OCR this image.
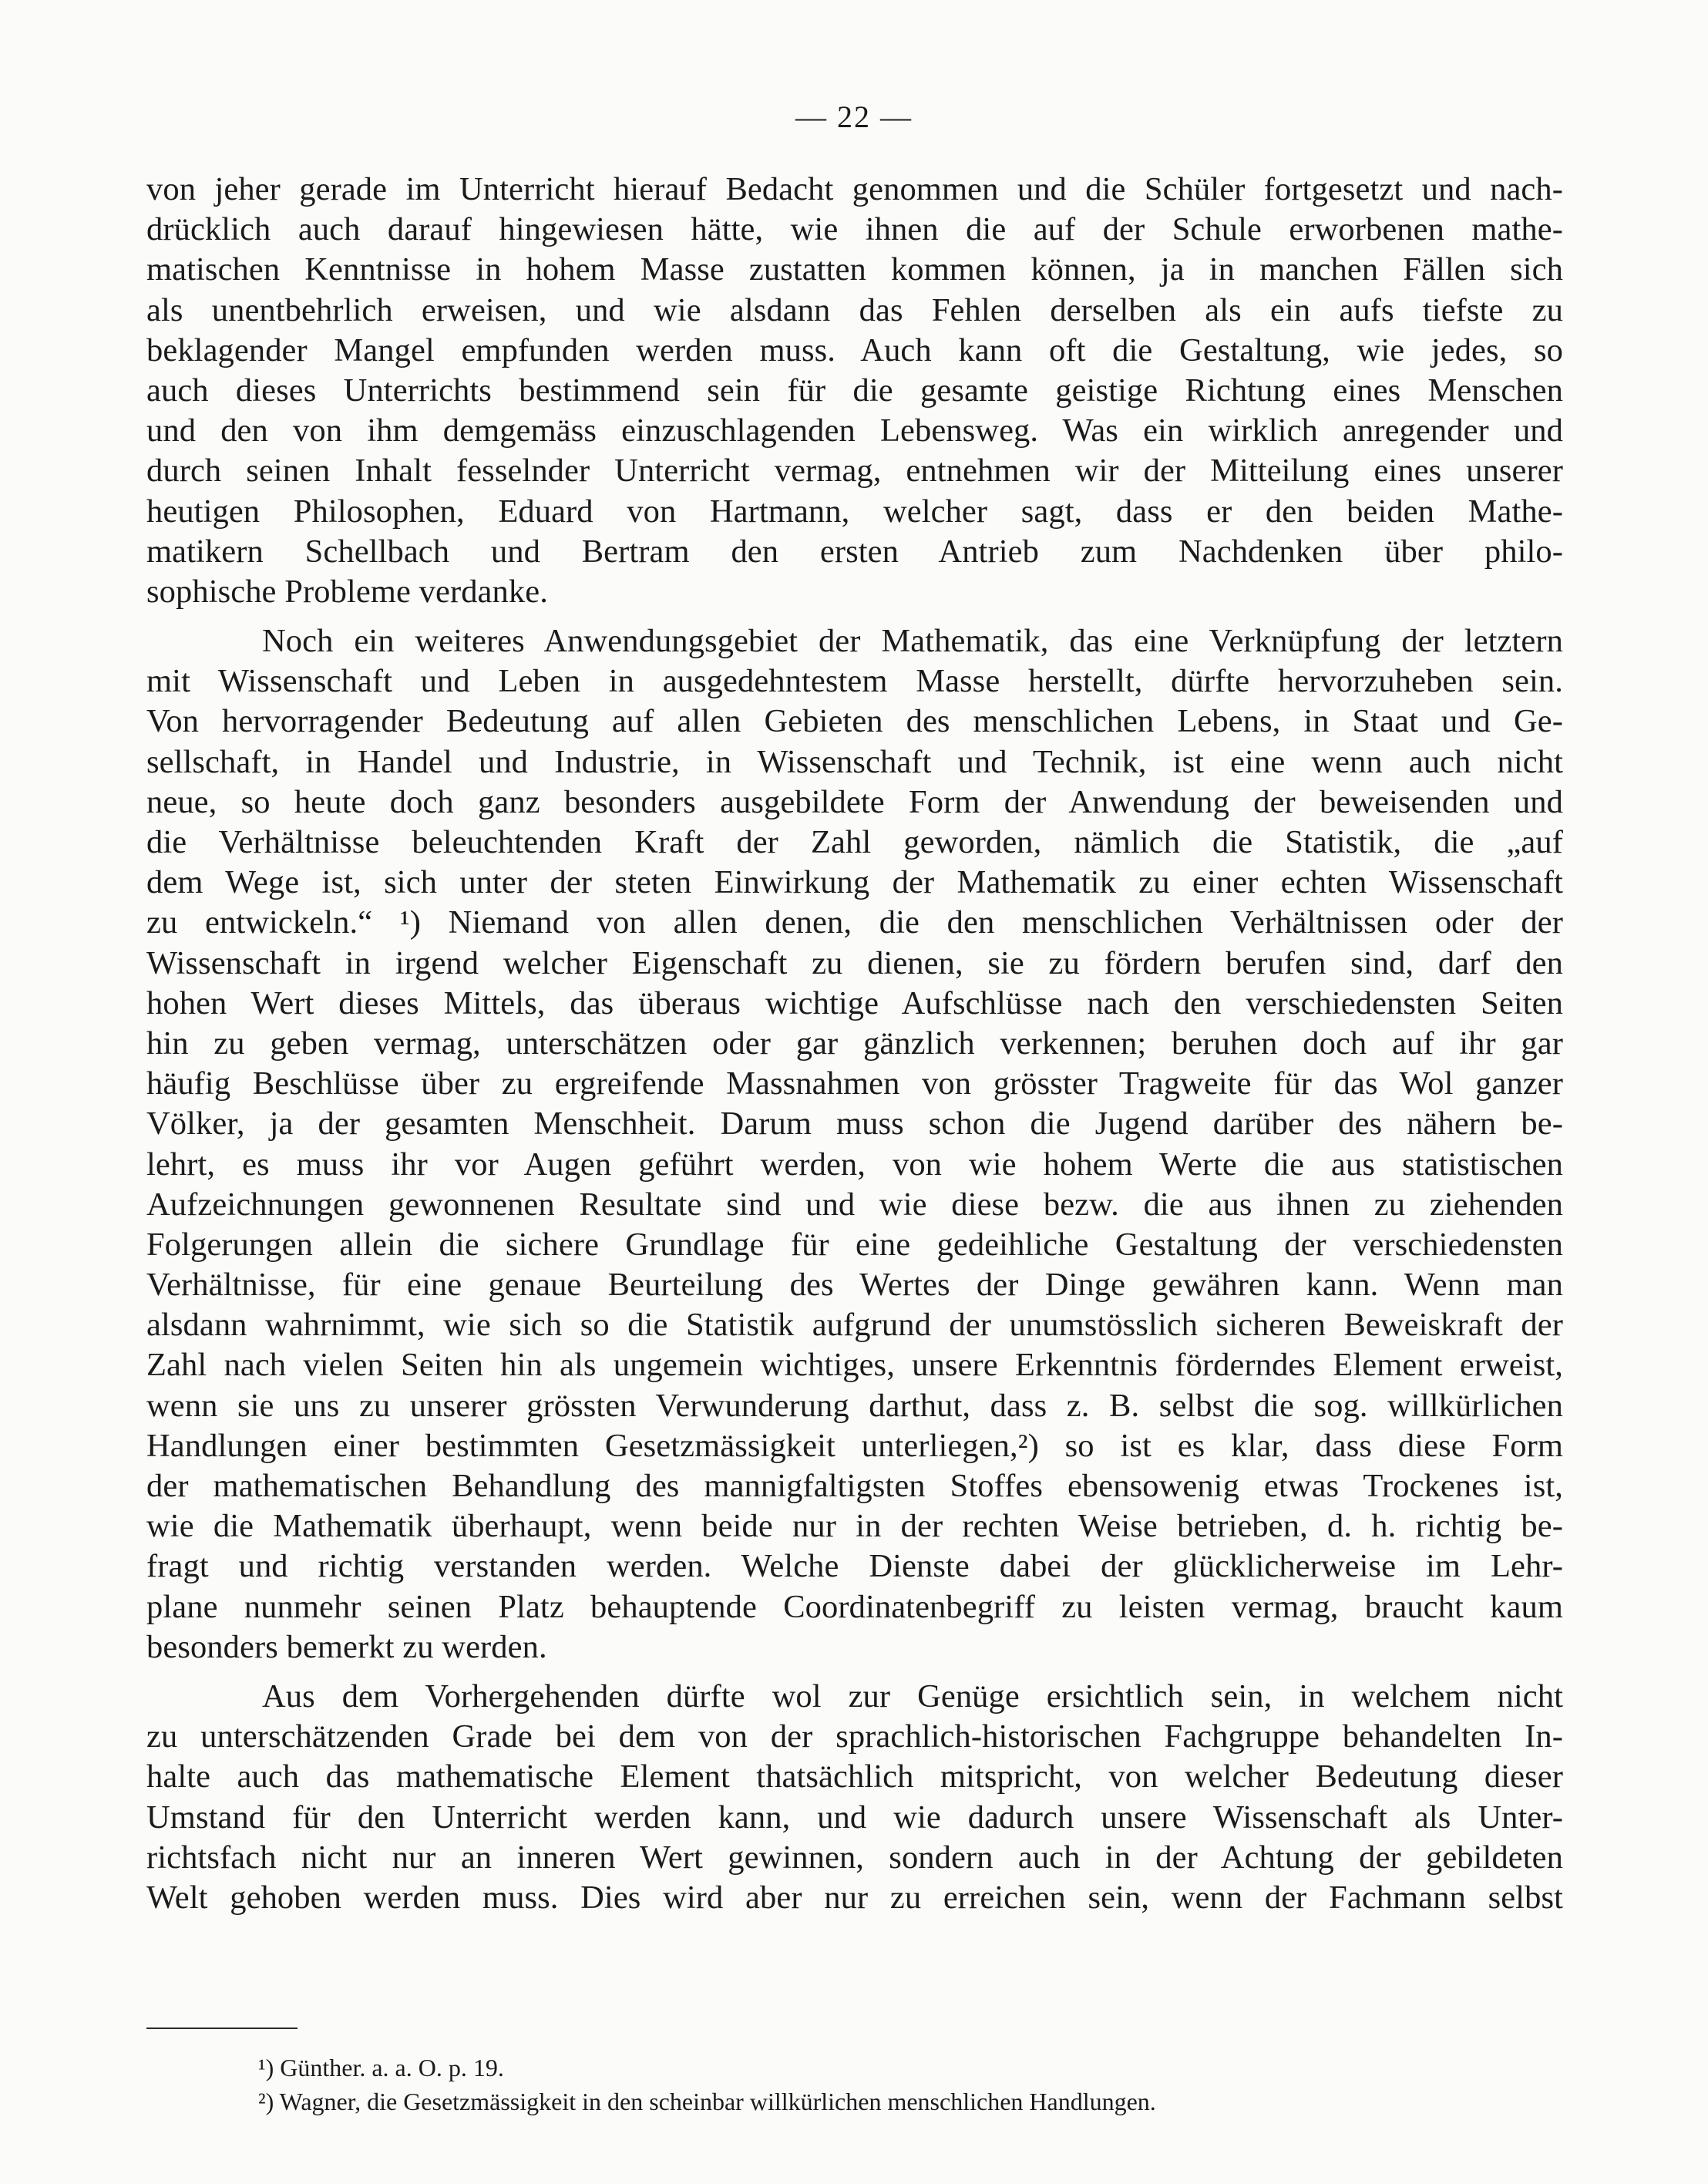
— 22 —
von jeher gerade im Unterricht hierauf Bedacht genommen und die Schüler fortgesetzt und nach-
drücklich auch darauf hingewiesen hätte, wie ihnen die auf der Schule erworbenen mathe-
matischen Kenntnisse in hohem Masse zustatten kommen können, ja in manchen Fällen sich
als unentbehrlich erweisen, und wie alsdann das Fehlen derselben als ein aufs tiefste zu
beklagender Mangel empfunden werden muss. Auch kann oft die Gestaltung, wie jedes, so
auch dieses Unterrichts bestimmend sein für die gesamte geistige Richtung eines Menschen
und den von ihm demgemäss einzuschlagenden Lebensweg. Was ein wirklich anregender und
durch seinen Inhalt fesselnder Unterricht vermag, entnehmen wir der Mitteilung eines unserer
heutigen Philosophen, Eduard von Hartmann, welcher sagt, dass er den beiden Mathe-
matikern Schellbach und Bertram den ersten Antrieb zum Nachdenken über philo-
sophische Probleme verdanke.
Noch ein weiteres Anwendungsgebiet der Mathematik, das eine Verknüpfung der letztern
mit Wissenschaft und Leben in ausgedehntestem Masse herstellt, dürfte hervorzuheben sein.
Von hervorragender Bedeutung auf allen Gebieten des menschlichen Lebens, in Staat und Ge-
sellschaft, in Handel und Industrie, in Wissenschaft und Technik, ist eine wenn auch nicht
neue, so heute doch ganz besonders ausgebildete Form der Anwendung der beweisenden und
die Verhältnisse beleuchtenden Kraft der Zahl geworden, nämlich die Statistik, die „auf
dem Wege ist, sich unter der steten Einwirkung der Mathematik zu einer echten Wissenschaft
zu entwickeln.“ ¹) Niemand von allen denen, die den menschlichen Verhältnissen oder der
Wissenschaft in irgend welcher Eigenschaft zu dienen, sie zu fördern berufen sind, darf den
hohen Wert dieses Mittels, das überaus wichtige Aufschlüsse nach den verschiedensten Seiten
hin zu geben vermag, unterschätzen oder gar gänzlich verkennen; beruhen doch auf ihr gar
häufig Beschlüsse über zu ergreifende Massnahmen von grösster Tragweite für das Wol ganzer
Völker, ja der gesamten Menschheit. Darum muss schon die Jugend darüber des nähern be-
lehrt, es muss ihr vor Augen geführt werden, von wie hohem Werte die aus statistischen
Aufzeichnungen gewonnenen Resultate sind und wie diese bezw. die aus ihnen zu ziehenden
Folgerungen allein die sichere Grundlage für eine gedeihliche Gestaltung der verschiedensten
Verhältnisse, für eine genaue Beurteilung des Wertes der Dinge gewähren kann. Wenn man
alsdann wahrnimmt, wie sich so die Statistik aufgrund der unumstösslich sicheren Beweiskraft der
Zahl nach vielen Seiten hin als ungemein wichtiges, unsere Erkenntnis förderndes Element erweist,
wenn sie uns zu unserer grössten Verwunderung darthut, dass z. B. selbst die sog. willkürlichen
Handlungen einer bestimmten Gesetzmässigkeit unterliegen,²) so ist es klar, dass diese Form
der mathematischen Behandlung des mannigfaltigsten Stoffes ebensowenig etwas Trockenes ist,
wie die Mathematik überhaupt, wenn beide nur in der rechten Weise betrieben, d. h. richtig be-
fragt und richtig verstanden werden. Welche Dienste dabei der glücklicherweise im Lehr-
plane nunmehr seinen Platz behauptende Coordinatenbegriff zu leisten vermag, braucht kaum
besonders bemerkt zu werden.
Aus dem Vorhergehenden dürfte wol zur Genüge ersichtlich sein, in welchem nicht
zu unterschätzenden Grade bei dem von der sprachlich-historischen Fachgruppe behandelten In-
halte auch das mathematische Element thatsächlich mitspricht, von welcher Bedeutung dieser
Umstand für den Unterricht werden kann, und wie dadurch unsere Wissenschaft als Unter-
richtsfach nicht nur an inneren Wert gewinnen, sondern auch in der Achtung der gebildeten
Welt gehoben werden muss. Dies wird aber nur zu erreichen sein, wenn der Fachmann selbst
¹) Günther. a. a. O. p. 19.
²) Wagner, die Gesetzmässigkeit in den scheinbar willkürlichen menschlichen Handlungen.
